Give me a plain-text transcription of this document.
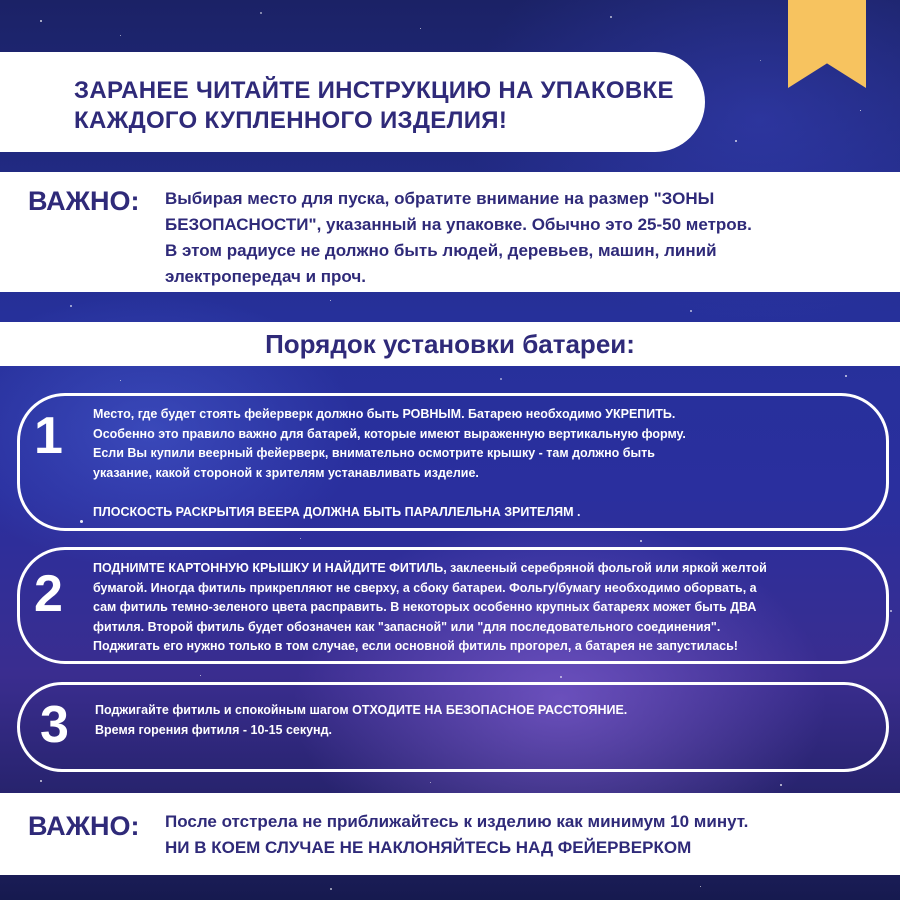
ЗАРАНЕЕ ЧИТАЙТЕ ИНСТРУКЦИЮ НА УПАКОВКЕ
КАЖДОГО КУПЛЕННОГО ИЗДЕЛИЯ!
ВАЖНО: Выбирая место для пуска, обратите внимание на размер "ЗОНЫ
БЕЗОПАСНОСТИ", указанный на упаковке. Обычно это 25-50 метров.
В этом радиусе не должно быть людей, деревьев, машин, линий
электропередач и проч.
Порядок установки батареи:
1 Место, где будет стоять фейерверк должно быть РОВНЫМ. Батарею необходимо УКРЕПИТЬ.
Особенно это правило важно для батарей, которые имеют выраженную вертикальную форму.
Если Вы купили веерный фейерверк, внимательно осмотрите крышку - там должно быть
указание, какой стороной к зрителям устанавливать изделие.
ПЛОСКОСТЬ РАСКРЫТИЯ ВЕЕРА ДОЛЖНА БЫТЬ ПАРАЛЛЕЛЬНА ЗРИТЕЛЯМ .
2 ПОДНИМТЕ КАРТОННУЮ КРЫШКУ И НАЙДИТЕ ФИТИЛЬ, заклееный серебряной фольгой или яркой желтой
бумагой. Иногда фитиль прикрепляют не сверху, а сбоку батареи. Фольгу/бумагу необходимо оборвать, а
сам фитиль темно-зеленого цвета расправить. В некоторых особенно крупных батареях может быть ДВА
фитиля. Второй фитиль будет обозначен как "запасной" или "для последовательного соединения".
Поджигать его нужно только в том случае, если основной фитиль прогорел, а батарея не запустилась!
3 Поджигайте фитиль и спокойным шагом ОТХОДИТЕ НА БЕЗОПАСНОЕ РАССТОЯНИЕ.
Время горения фитиля - 10-15 секунд.
ВАЖНО: После отстрела не приближайтесь к изделию как минимум 10 минут.
НИ В КОЕМ СЛУЧАЕ НЕ НАКЛОНЯЙТЕСЬ НАД ФЕЙЕРВЕРКОМ
